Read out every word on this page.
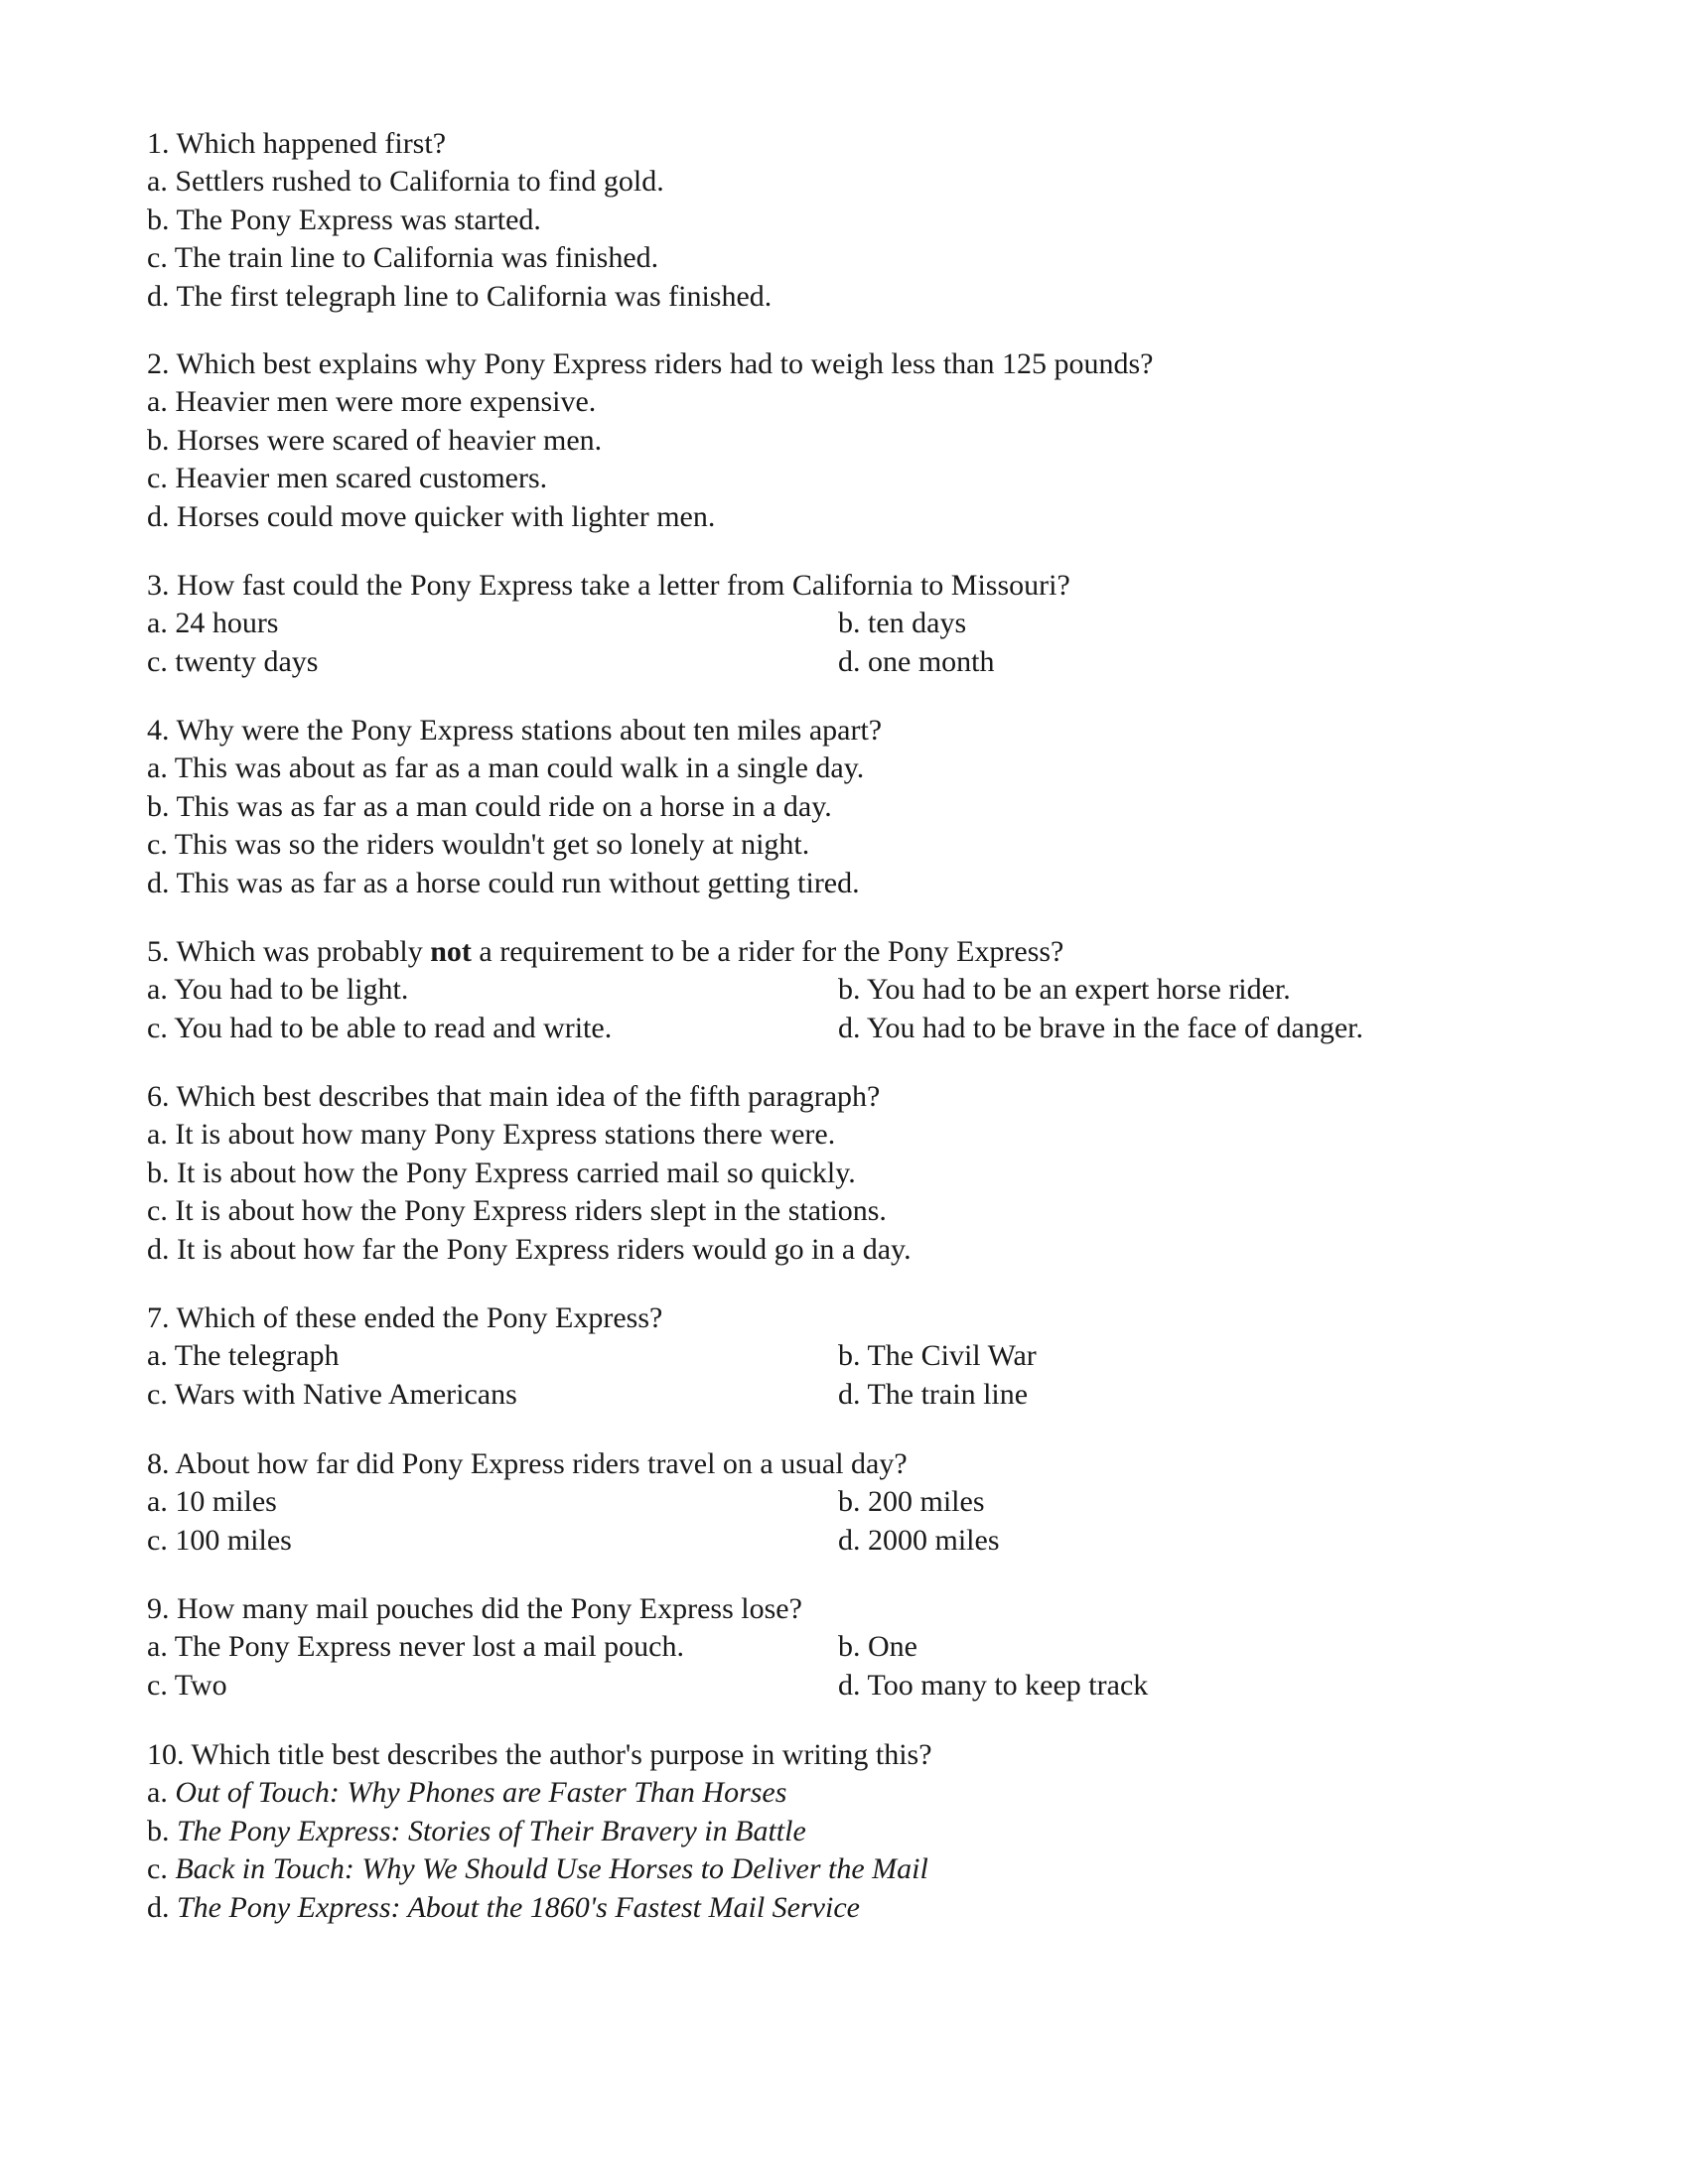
1. Which happened first?
a. Settlers rushed to California to find gold.
b. The Pony Express was started.
c. The train line to California was finished.
d. The first telegraph line to California was finished.
2. Which best explains why Pony Express riders had to weigh less than 125 pounds?
a. Heavier men were more expensive.
b. Horses were scared of heavier men.
c. Heavier men scared customers.
d. Horses could move quicker with lighter men.
3. How fast could the Pony Express take a letter from California to Missouri?
a. 24 hours	b. ten days
c. twenty days	d. one month
4. Why were the Pony Express stations about ten miles apart?
a. This was about as far as a man could walk in a single day.
b. This was as far as a man could ride on a horse in a day.
c. This was so the riders wouldn't get so lonely at night.
d. This was as far as a horse could run without getting tired.
5. Which was probably not a requirement to be a rider for the Pony Express?
a. You had to be light.	b. You had to be an expert horse rider.
c. You had to be able to read and write.	d. You had to be brave in the face of danger.
6. Which best describes that main idea of the fifth paragraph?
a. It is about how many Pony Express stations there were.
b. It is about how the Pony Express carried mail so quickly.
c. It is about how the Pony Express riders slept in the stations.
d. It is about how far the Pony Express riders would go in a day.
7. Which of these ended the Pony Express?
a. The telegraph	b. The Civil War
c. Wars with Native Americans	d. The train line
8. About how far did Pony Express riders travel on a usual day?
a. 10 miles	b. 200 miles
c. 100 miles	d. 2000 miles
9. How many mail pouches did the Pony Express lose?
a. The Pony Express never lost a mail pouch.	b. One
c. Two	d. Too many to keep track
10. Which title best describes the author's purpose in writing this?
a. Out of Touch: Why Phones are Faster Than Horses
b. The Pony Express: Stories of Their Bravery in Battle
c. Back in Touch: Why We Should Use Horses to Deliver the Mail
d. The Pony Express: About the 1860's Fastest Mail Service
